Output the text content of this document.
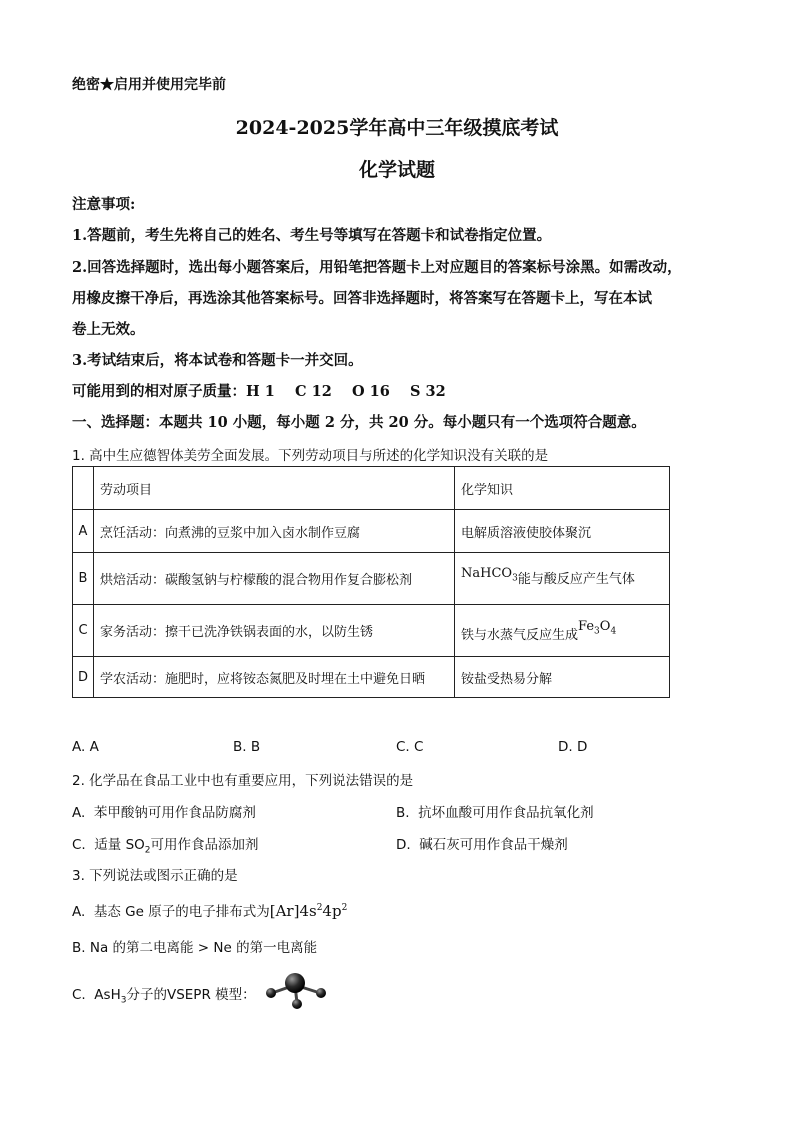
绝密★启用并使用完毕前
2024-2025学年高中三年级摸底考试
化学试题
注意事项:
1.答题前，考生先将自己的姓名、考生号等填写在答题卡和试卷指定位置。
2.回答选择题时，选出每小题答案后，用铅笔把答题卡上对应题目的答案标号涂黑。如需改动，
用橡皮擦干净后，再选涂其他答案标号。回答非选择题时，将答案写在答题卡上，写在本试
卷上无效。
3.考试结束后，将本试卷和答题卡一并交回。
可能用到的相对原子质量：H 1    C 12    O 16    S 32
一、选择题：本题共 10 小题，每小题 2 分，共 20 分。每小题只有一个选项符合题意。
1. 高中生应德智体美劳全面发展。下列劳动项目与所述的化学知识没有关联的是
	劳动项目	化学知识
A	烹饪活动：向煮沸的豆浆中加入卤水制作豆腐	电解质溶液使胶体聚沉
B	烘焙活动：碳酸氢钠与柠檬酸的混合物用作复合膨松剂	NaHCO$_3$能与酸反应产生气体
C	家务活动：擦干已洗净铁锅表面的水，以防生锈	铁与水蒸气反应生成$Fe_3O_4$
D	学农活动：施肥时，应将铵态氮肥及时埋在土中避免日晒	铵盐受热易分解
A. A	B. B	C. C	D. D
2. 化学品在食品工业中也有重要应用，下列说法错误的是
A.  苯甲酸钠可用作食品防腐剂	B.  抗坏血酸可用作食品抗氧化剂
C.  适量 $SO_2$可用作食品添加剂	D.  碱石灰可用作食品干燥剂
3. 下列说法或图示正确的是
A.  基态 Ge 原子的电子排布式为$[Ar]4s^24p^2$
B. Na 的第二电离能 > Ne 的第一电离能
C.  AsH$_3$分子的VSEPR 模型：
